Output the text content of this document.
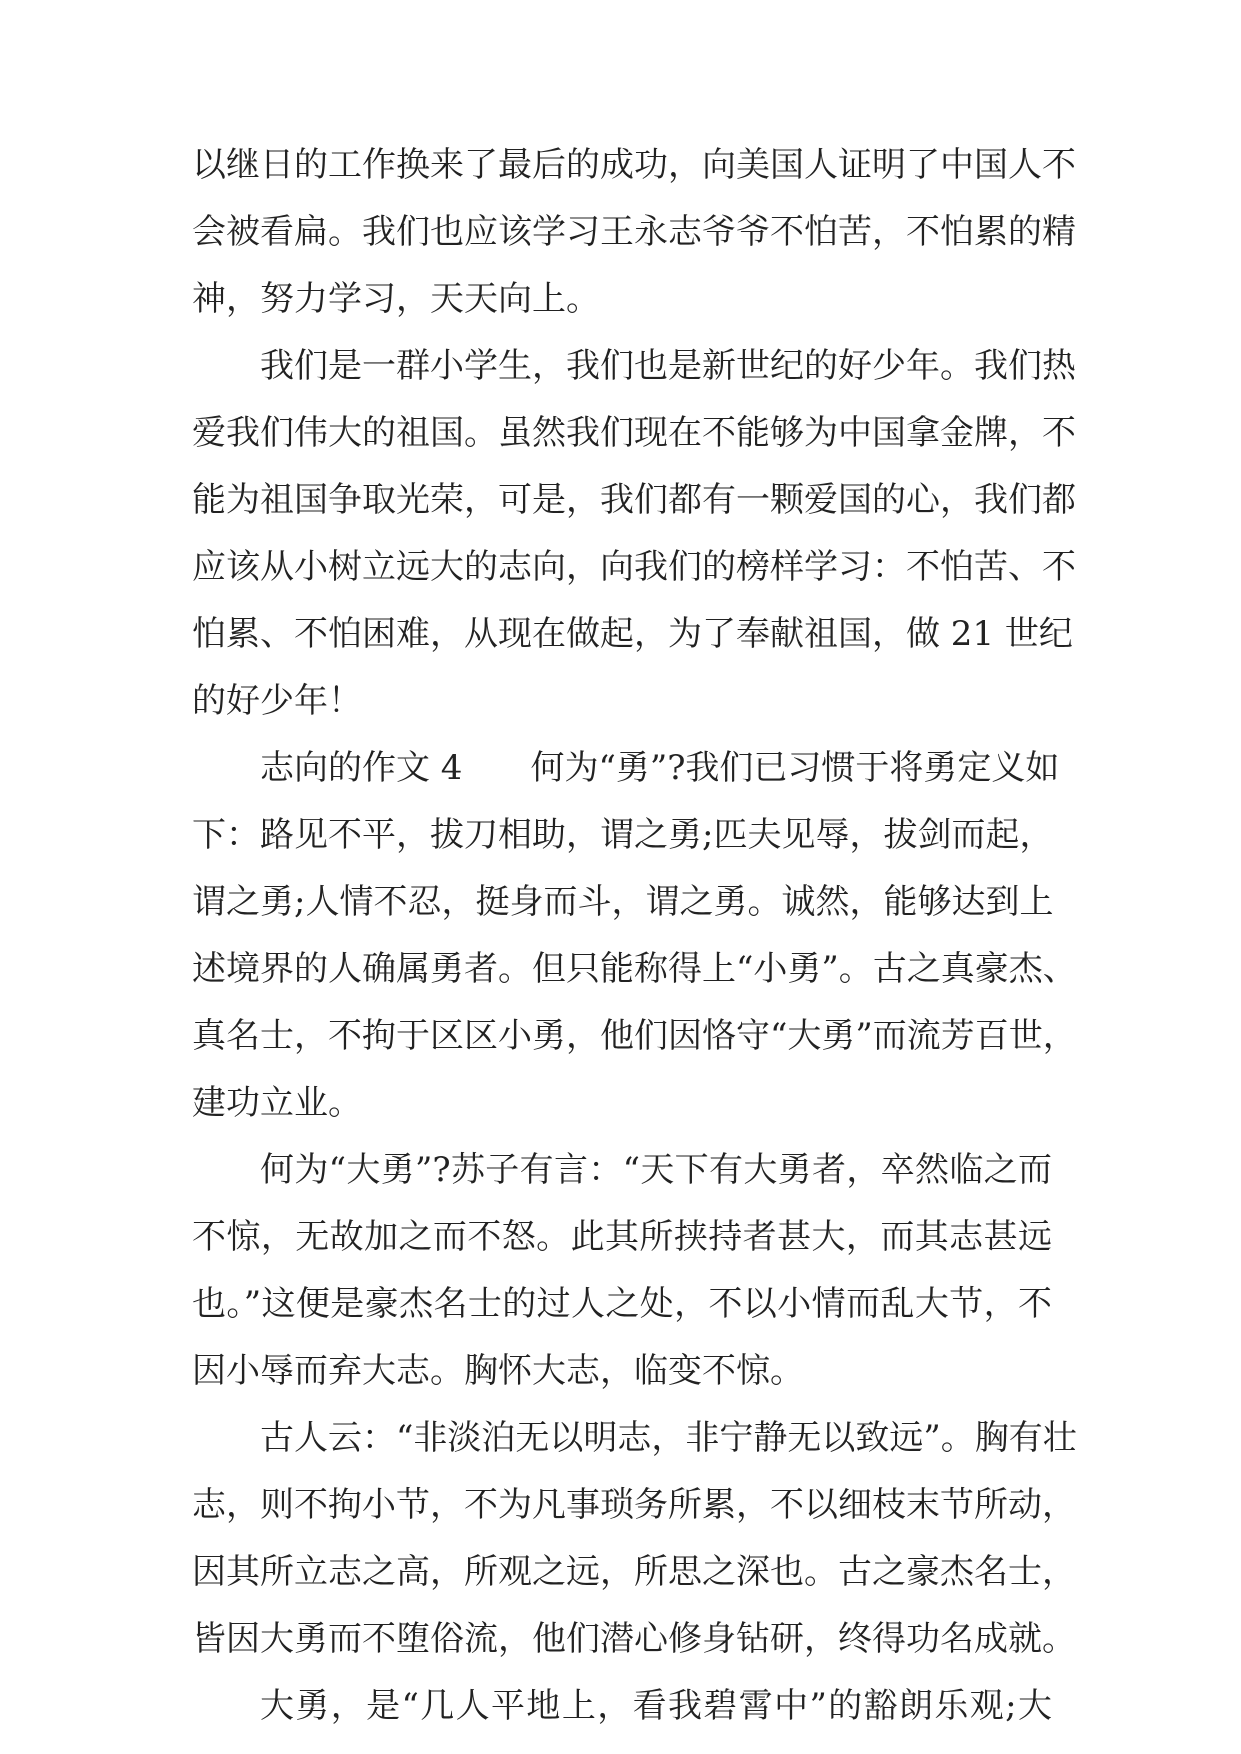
以继日的工作换来了最后的成功，向美国人证明了中国人不
会被看扁。我们也应该学习王永志爷爷不怕苦，不怕累的精
神，努力学习，天天向上。
我们是一群小学生，我们也是新世纪的好少年。我们热
爱我们伟大的祖国。虽然我们现在不能够为中国拿金牌，不
能为祖国争取光荣，可是，我们都有一颗爱国的心，我们都
应该从小树立远大的志向，向我们的榜样学习：不怕苦、不
怕累、不怕困难，从现在做起，为了奉献祖国，做 21 世纪
的好少年！
志向的作文 4　　何为“勇”?我们已习惯于将勇定义如
下：路见不平，拔刀相助，谓之勇;匹夫见辱，拔剑而起，
谓之勇;人情不忍，挺身而斗，谓之勇。诚然，能够达到上
述境界的人确属勇者。但只能称得上“小勇”。古之真豪杰、
真名士，不拘于区区小勇，他们因恪守“大勇”而流芳百世，
建功立业。
何为“大勇”?苏子有言：“天下有大勇者，卒然临之而
不惊，无故加之而不怒。此其所挟持者甚大，而其志甚远
也。”这便是豪杰名士的过人之处，不以小情而乱大节，不
因小辱而弃大志。胸怀大志，临变不惊。
古人云：“非淡泊无以明志，非宁静无以致远”。胸有壮
志，则不拘小节，不为凡事琐务所累，不以细枝末节所动，
因其所立志之高，所观之远，所思之深也。古之豪杰名士，
皆因大勇而不堕俗流，他们潜心修身钻研，终得功名成就。
大勇，是“几人平地上，看我碧霄中”的豁朗乐观;大
